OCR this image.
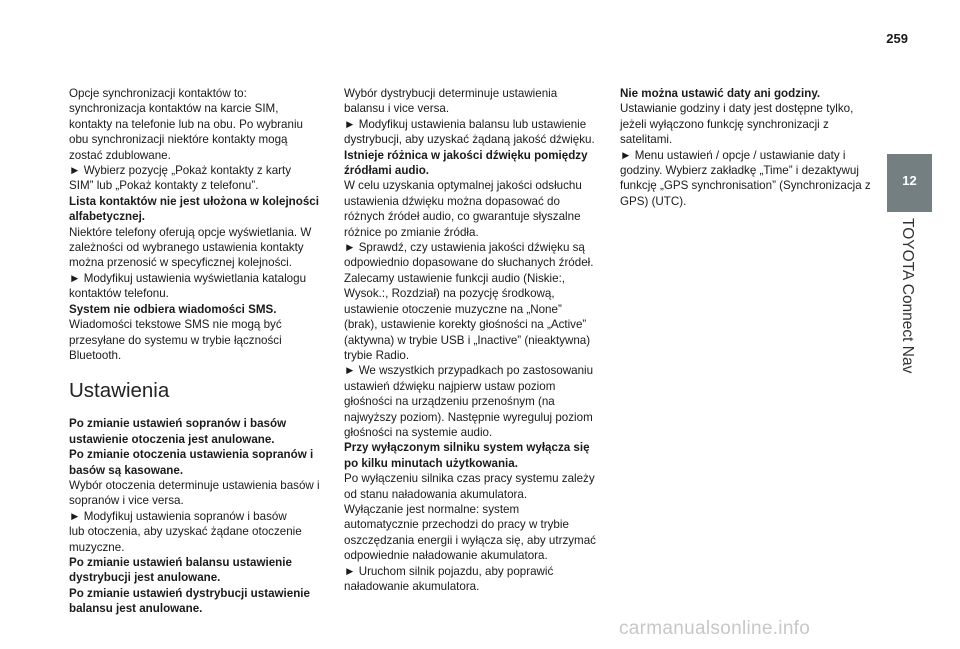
259

Opcje synchronizacji kontaktów to:

synchronizacja kontaktów na karcie SIM,

kontakty na telefonie lub na obu. Po wybraniu

obu synchronizacji niektóre kontakty mogą

zostać zdublowane.

► Wybierz pozycję „Pokaż kontakty z karty

SIM” lub „Pokaż kontakty z telefonu”.

Lista kontaktów nie jest ułożona w kolejności

alfabetycznej.

Niektóre telefony oferują opcje wyświetlania. W

zależności od wybranego ustawienia kontakty

można przenosić w specyficznej kolejności.

► Modyfikuj ustawienia wyświetlania katalogu

kontaktów telefonu.

System nie odbiera wiadomości SMS.

Wiadomości tekstowe SMS nie mogą być

przesyłane do systemu w trybie łączności

Bluetooth.

Ustawienia

Po zmianie ustawień sopranów i basów

ustawienie otoczenia jest anulowane.

Po zmianie otoczenia ustawienia sopranów i

basów są kasowane.

Wybór otoczenia determinuje ustawienia basów i

sopranów i vice versa.

► Modyfikuj ustawienia sopranów i basów

lub otoczenia, aby uzyskać żądane otoczenie

muzyczne.

Po zmianie ustawień balansu ustawienie

dystrybucji jest anulowane.

Po zmianie ustawień dystrybucji ustawienie

balansu jest anulowane.

Wybór dystrybucji determinuje ustawienia

balansu i vice versa.

► Modyfikuj ustawienia balansu lub ustawienie

dystrybucji, aby uzyskać żądaną jakość dźwięku.

Istnieje różnica w jakości dźwięku pomiędzy

źródłami audio.

W celu uzyskania optymalnej jakości odsłuchu

ustawienia dźwięku można dopasować do

różnych źródeł audio, co gwarantuje słyszalne

różnice po zmianie źródła.

► Sprawdź, czy ustawienia jakości dźwięku są

odpowiednio dopasowane do słuchanych źródeł.

Zalecamy ustawienie funkcji audio (Niskie:,

Wysok.:, Rozdział) na pozycję środkową,

ustawienie otoczenie muzyczne na „None”

(brak), ustawienie korekty głośności na „Active”

(aktywna) w trybie USB i „Inactive” (nieaktywna)

trybie Radio.

► We wszystkich przypadkach po zastosowaniu

ustawień dźwięku najpierw ustaw poziom

głośności na urządzeniu przenośnym (na

najwyższy poziom). Następnie wyreguluj poziom

głośności na systemie audio.

Przy wyłączonym silniku system wyłącza się

po kilku minutach użytkowania.

Po wyłączeniu silnika czas pracy systemu zależy

od stanu naładowania akumulatora.

Wyłączanie jest normalne: system

automatycznie przechodzi do pracy w trybie

oszczędzania energii i wyłącza się, aby utrzymać

odpowiednie naładowanie akumulatora.

► Uruchom silnik pojazdu, aby poprawić

naładowanie akumulatora.

Nie można ustawić daty ani godziny.

Ustawianie godziny i daty jest dostępne tylko,

jeżeli wyłączono funkcję synchronizacji z

satelitami.

► Menu ustawień / opcje / ustawianie daty i

godziny. Wybierz zakładkę „Time” i dezaktywuj

funkcję „GPS synchronisation” (Synchronizacja z

GPS) (UTC).

12
TOYOTA Connect Nav
carmanualsonline.info
